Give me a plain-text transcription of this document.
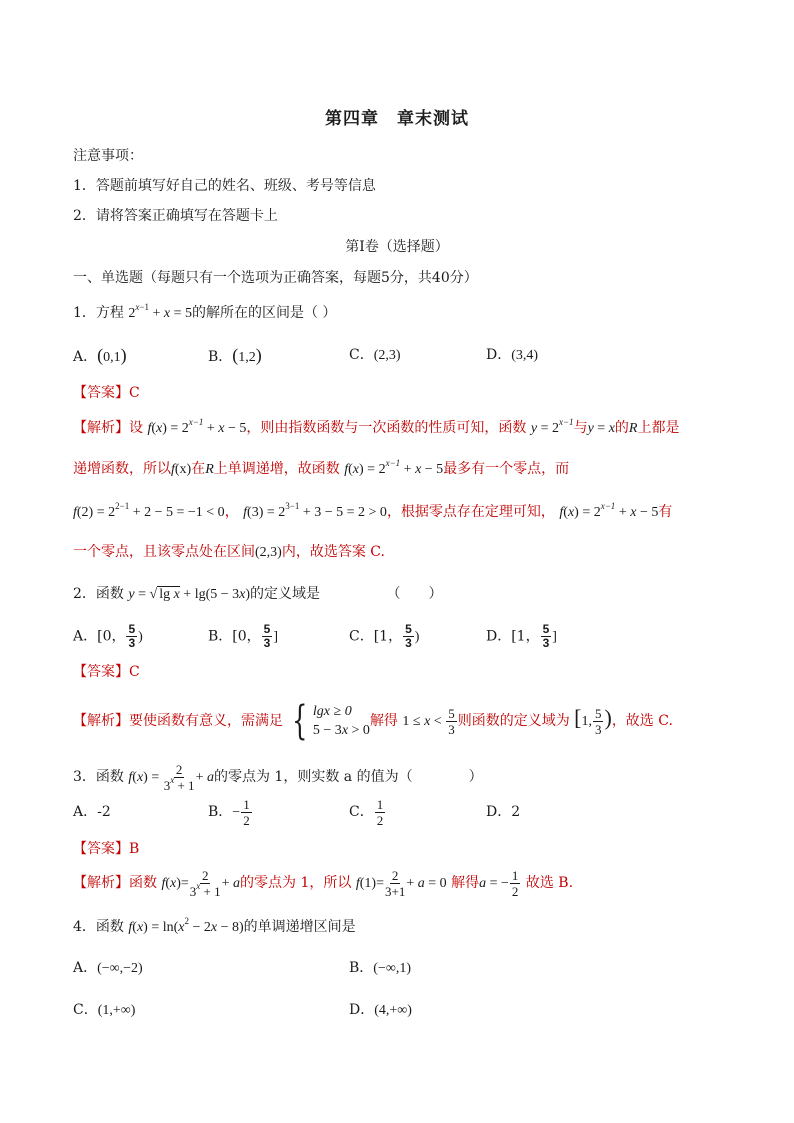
第四章　章末测试
注意事项：
1．答题前填写好自己的姓名、班级、考号等信息
2．请将答案正确填写在答题卡上
第I卷（选择题）
一、单选题（每题只有一个选项为正确答案，每题5分，共40分）
1．方程 $2^{x-1} + x = 5$的解所在的区间是（ ）
A．(0,1)	B．(1,2)	C．(2,3)	D．(3,4)
【答案】C
【解析】设 $f(x) = 2^{x-1} + x - 5$，则由指数函数与一次函数的性质可知，函数 $y = 2^{x-1}$与y = x的R上都是
递增函数，所以f(x)在R上单调递增，故函数 $f(x) = 2^{x-1} + x - 5$最多有一个零点，而
$f(2) = 2^{2-1} + 2 - 5 = -1 < 0$， $f(3) = 2^{3-1} + 3 - 5 = 2 > 0$，根据零点存在定理可知， $f(x) = 2^{x-1} + x - 5$有
一个零点，且该零点处在区间(2,3)内，故选答案 C.
2．函数 y = √ lg x + lg(5 − 3x)的定义域是	（　　）
A．[0， $\frac{5}{3}$ )	B．[0， $\frac{5}{3}$ ]	C．[1， $\frac{5}{3}$ )	D．[1， $\frac{5}{3}$ ]
【答案】C
【解析】要使函数有意义，需满足 { lgx ≥ 0
5 − 3x > 0
解得 $1 \le x < \frac{5}{3}$ 则函数的定义域为 [1, $\frac{5}{3}$ )，故选 C.
3．函数 $f(x) = \frac{2}{3^x + 1} + a$的零点为 1，则实数 a 的值为（　　　　）
A．-2	B．− $\frac{1}{2}$	C． $\frac{1}{2}$	D．2
【答案】B
【解析】函数 $f(x)= \frac{2}{3^x + 1} + a$的零点为 1，所以 $f(1)= \frac{2}{3+1} + a = 0$ 解得a = − $\frac{1}{2}$ 故选 B.
4．函数 $f(x) = \ln(x^2 - 2x - 8)$的单调递增区间是
A．(−∞,−2)	B．(−∞,1)
C．(1,+∞)	D．(4,+∞)
